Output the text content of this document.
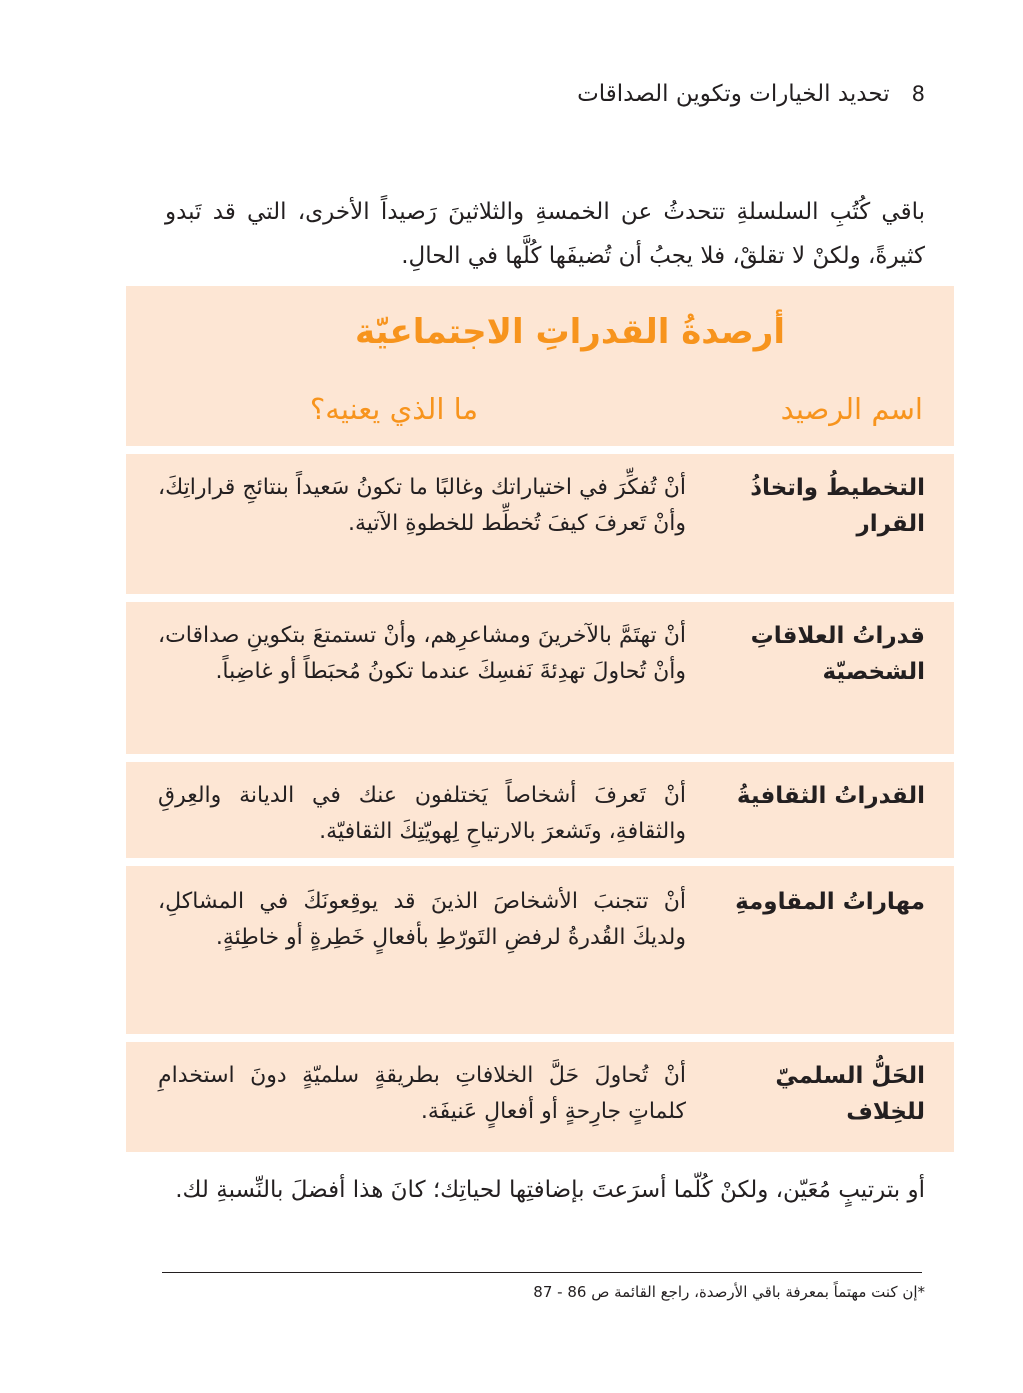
8
تحديد الخيارات وتكوين الصداقات

باقي كُتُبِ السلسلةِ تتحدثُ عن الخمسةِ والثلاثينَ رَصيداً الأخرى، التي قد تَبدو كثيرةً، ولكنْ لا تقلقْ، فلا يجبُ أن تُضيفَها كُلَّها في الحالِ.

أرصدةُ القدراتِ الاجتماعيّة
اسم الرصيد
ما الذي يعنيه؟
التخطيطُ واتخاذُ القرار
أنْ تُفكِّرَ في اختياراتك وغالبًا ما تكونُ سَعيداً بنتائجِ قراراتِكَ، وأنْ تَعرفَ كيفَ تُخطِّط للخطوةِ الآتية.
قدراتُ العلاقاتِ الشخصيّة
أنْ تهتَمَّ بالآخرينَ ومشاعرِهم، وأنْ تستمتعَ بتكوينِ صداقات، وأنْ تُحاولَ تهدِئةَ نَفسِكَ عندما تكونُ مُحبَطاً أو غاضِباً.
القدراتُ الثقافيةُ
أنْ تَعرفَ أشخاصاً يَختلفون عنك في الديانة والعِرقِ والثقافةِ، وتَشعرَ بالارتياحِ لِهويّتِكَ الثقافيّة.
مهاراتُ المقاومةِ
أنْ تتجنبَ الأشخاصَ الذينَ قد يوقِعونَكَ في المشاكلِ، ولديكَ القُدرةُ لرفضِ التَورّطِ بأفعالٍ خَطِرةٍ أو خاطِئةٍ.
الحَلُّ السلميّ للخِلاف
أنْ تُحاولَ حَلَّ الخلافاتِ بطريقةٍ سلميّةٍ دونَ استخدامِ كلماتٍ جارِحةٍ أو أفعالٍ عَنيفَة.

أو بترتيبٍ مُعَيّن، ولكنْ كُلّما أسرَعتَ بإضافتِها لحياتِك؛ كانَ هذا أفضلَ بالنِّسبةِ لك.

*إن كنت مهتماً بمعرفة باقي الأرصدة، راجع القائمة ص 86 - 87
